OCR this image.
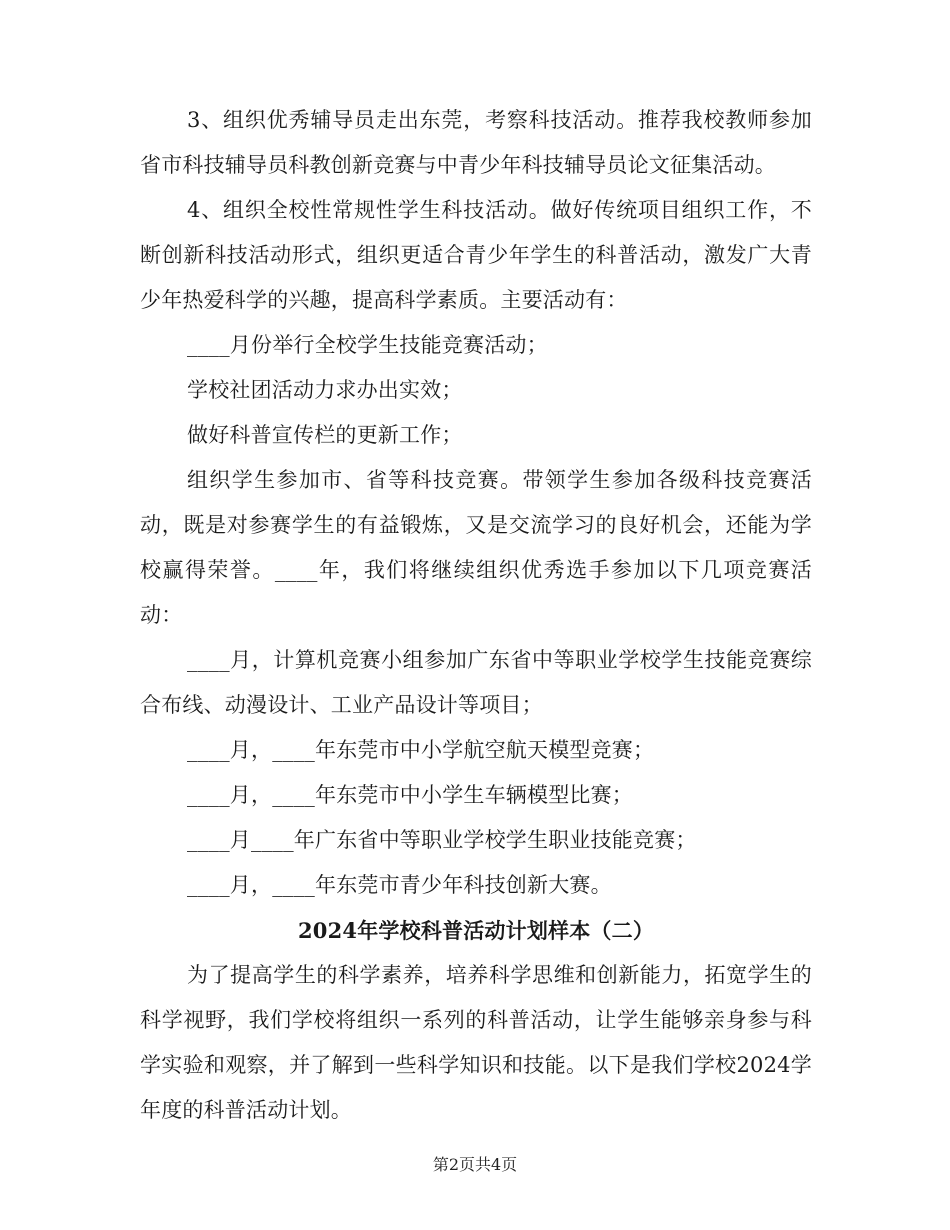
3、组织优秀辅导员走出东莞，考察科技活动。推荐我校教师参加省市科技辅导员科教创新竞赛与中青少年科技辅导员论文征集活动。

4、组织全校性常规性学生科技活动。做好传统项目组织工作，不断创新科技活动形式，组织更适合青少年学生的科普活动，激发广大青少年热爱科学的兴趣，提高科学素质。主要活动有：

____月份举行全校学生技能竞赛活动；

学校社团活动力求办出实效；

做好科普宣传栏的更新工作；

组织学生参加市、省等科技竞赛。带领学生参加各级科技竞赛活动，既是对参赛学生的有益锻炼，又是交流学习的良好机会，还能为学校赢得荣誉。____年，我们将继续组织优秀选手参加以下几项竞赛活动：

____月，计算机竞赛小组参加广东省中等职业学校学生技能竞赛综合布线、动漫设计、工业产品设计等项目；

____月，____年东莞市中小学航空航天模型竞赛；

____月，____年东莞市中小学生车辆模型比赛；

____月____年广东省中等职业学校学生职业技能竞赛；

____月，____年东莞市青少年科技创新大赛。

2024年学校科普活动计划样本（二）

为了提高学生的科学素养，培养科学思维和创新能力，拓宽学生的科学视野，我们学校将组织一系列的科普活动，让学生能够亲身参与科学实验和观察，并了解到一些科学知识和技能。以下是我们学校2024学年度的科普活动计划。

第2页共4页
